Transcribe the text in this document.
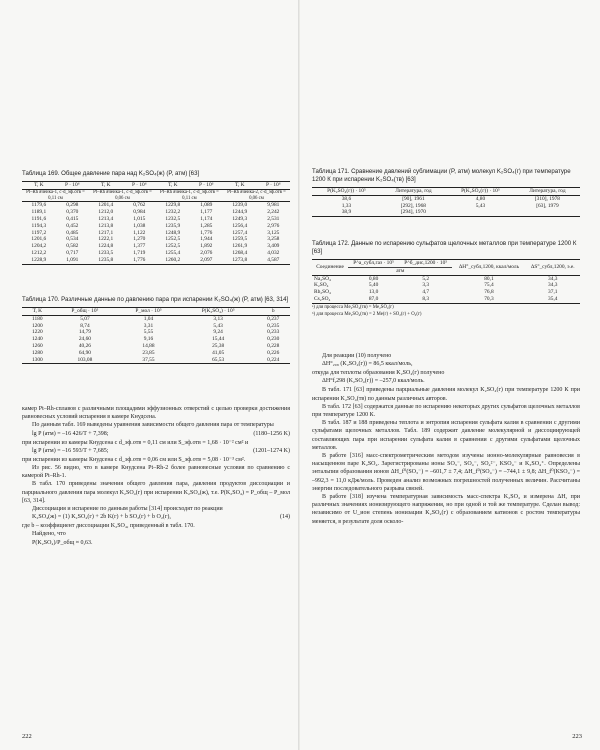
Таблица 169. Общее давление пара над K₂SO₄(ж) (P, атм) [63]

T, K	P · 10⁶	T, K	P · 10⁶	T, K	P · 10⁶	T, K	P · 10⁶
Pt–Rh ячейка-1, c·d_эф.отв = 0,11 см		Pt–Rh ячейка-1, c·d_эф.отв = 0,06 см		Pt–Rh ячейка-1, c·d_эф.отв = 0,11 см		Pt–Rh ячейка-2, c·d_эф.отв = 0,06 см	
1179,6	0,298	1201,4	0,762	1229,8	1,089	1239,0	9,981
1189,1	0,370	1212,0	0,984	1232,2	1,177	1244,9	2,242
1191,6	0,415	1213,4	1,015	1232,5	1,174	1249,3	2,531
1194,3	0,452	1213,8	1,038	1235,9	1,285	1256,4	2,976
1197,2	0,485	1217,1	1,122	1248,9	1,776	1257,4	3,125
1201,6	0,534	1222,1	1,270	1252,5	1,944	1259,5	3,258
1204,2	0,582	1224,8	1,377	1252,5	1,892	1261,9	3,409
1212,2	0,717	1233,5	1,719	1255,4	2,076	1268,4	4,032
1228,9	1,091	1235,8	1,776	1260,2	2,097	1273,8	4,587

Таблица 170. Различные данные по давлению пара при испарении K₂SO₄(ж) (P, атм) [63, 314]

T, K	P_общ · 10⁵	P_мол · 10⁵	P(K₂SO₄) · 10⁵	b
1180	5,07	1,04	3,13	0,237
1200	8,74	3,31	5,43	0,235
1220	14,79	5,55	9,24	0,233
1240	24,60	9,16	15,44	0,230
1260	40,26	14,88	25,38	0,228
1280	64,90	23,85	41,05	0,226
1300	103,08	37,55	65,53	0,224

камер Pt–Rh-сплавов с различными площадями эффузионных отверстий с целью проверки достижения равновесных условий испарения в камере Кнудсена.

По данным табл. 169 выведены уравнения зависимости общего давления пара от температуры

lg P (атм) = –16 426/T + 7,398;	(1180–1256 K)

при испарении из камеры Кнудсена c d_эф.отв = 0,11 см или S_эф.отв = 1,68 · 10⁻² см² и

lg P (атм) = –16 593/T + 7,685;	(1201–1274 K)

при испарении из камеры Кнудсена c d_эф.отв = 0,06 см или S_эф.отв = 5,08 · 10⁻³ см².

Из рис. 56 видно, что в камере Кнудсена Pt–Rh-2 более равновесные условия по сравнению с камерой Pt–Rh-1.

В табл. 170 приведены значения общего давления пара, давления продуктов диссоциации и парциального давления пара молекул K₂SO₄(г) при испарении K₂SO₄(ж), т.е. P(K₂SO₄) = P_общ – P_мол [63, 314].

Диссоциация и испарение по данным работы [314] происходят по реакции

K₂SO₄(ж) = (1) K₂SO₄(г) + 2b K(г) + b SO₂(г) + b O₂(г),	(14)

где b – коэффициент диссоциации K₂SO₄, приведенный в табл. 170.

Найдено, что

P(K₂SO₄)/P_общ ≈ 0,63.
222

Таблица 171. Сравнение давлений сублимации (P, атм) молекул K₂SO₄(г) при температуре 1200 К при испарении K₂SO₄(тв) [63]

P(K₂SO₄(г)) · 10⁵	Литература, год	P(K₂SO₄(г)) · 10⁵	Литература, год
38,6	[90], 1961	4,80	[310], 1978
1,33	[292], 1968	5,43	[63], 1979
38,9	[294], 1970		

Таблица 172. Данные по испарению сульфатов щелочных металлов при температуре 1200 К [63]

Соединение	P^a_субл,газ · 10⁵	P^б_дис,1200 · 10⁵	ΔH°_субл,1200, ккал/моль	ΔS°_субл,1200, э.е.
	атм			
Na₂SO₄	0,80	5,2	80,1	34,3
K₂SO₄	5,40	3,3	75,4	34,3
Rb₂SO₄	13,0	4,7	76,8	37,1
Cs₂SO₄	87,0	8,3	70,3	35,4
ᵃ) для процесса Me₂SO₄(тв) = Me₂SO₄(г)
ᵇ) для процесса Me₂SO₄(тв) = 2 Me(г) + SO₂(г) + O₂(г)

Для реакции (10) получено

ΔH°₂₉₈ (K₂SO₄(г)) = 86,5 ккал/моль,

откуда для теплоты образования K₂SO₄(г) получено

ΔH°f,298 (K₂SO₄(г)) = –257,0 ккал/моль.

В табл. 171 [63] приведены парциальные давления молекул K₂SO₄(г) при температуре 1200 К при испарении K₂SO₄(тв) по данным различных авторов.

В табл. 172 [63] содержатся данные по испарению некоторых других сульфатов щелочных металлов при температуре 1200 К.

В табл. 187 и 188 приведены теплота и энтропия испарения сульфата калия в сравнении с другими сульфатами щелочных металлов. Табл. 189 содержит давление молекулярной и диссоциирующей составляющих пара при испарении сульфата калия в сравнении с другими сульфатами щелочных металлов.

В работе [316] масс-спектрометрическим методом изучены ионно-молекулярные равновесия в насыщенном паре K₂SO₄. Зарегистрированы ионы SO₃⁻, SO₄⁻, SO₄²⁻, KSO₄⁻ и K₃SO₄⁺. Определены энтальпии образования ионов ΔH_f⁰(SO₃⁻) = –601,7 ± 7,4; ΔH_f⁰(SO₄⁻) = –744,1 ± 9,8; ΔH_f⁰(KSO₄⁻) = –992,3 = 11,0 кДж/моль. Проведен анализ возможных погрешностей полученных величин. Рассчитаны энергии последовательного разрыва связей.

В работе [318] изучена температурная зависимость масс-спектра K₂SO₄ и измерена ΔH, при различных значениях ионизирующего напряжения, но при одной и той же температуре. Сделан вывод: независимо от U_ион степень ионизации K₂SO₄(г) с образованием катионов с ростом температуры меняется, в результате доля осколо-

223
